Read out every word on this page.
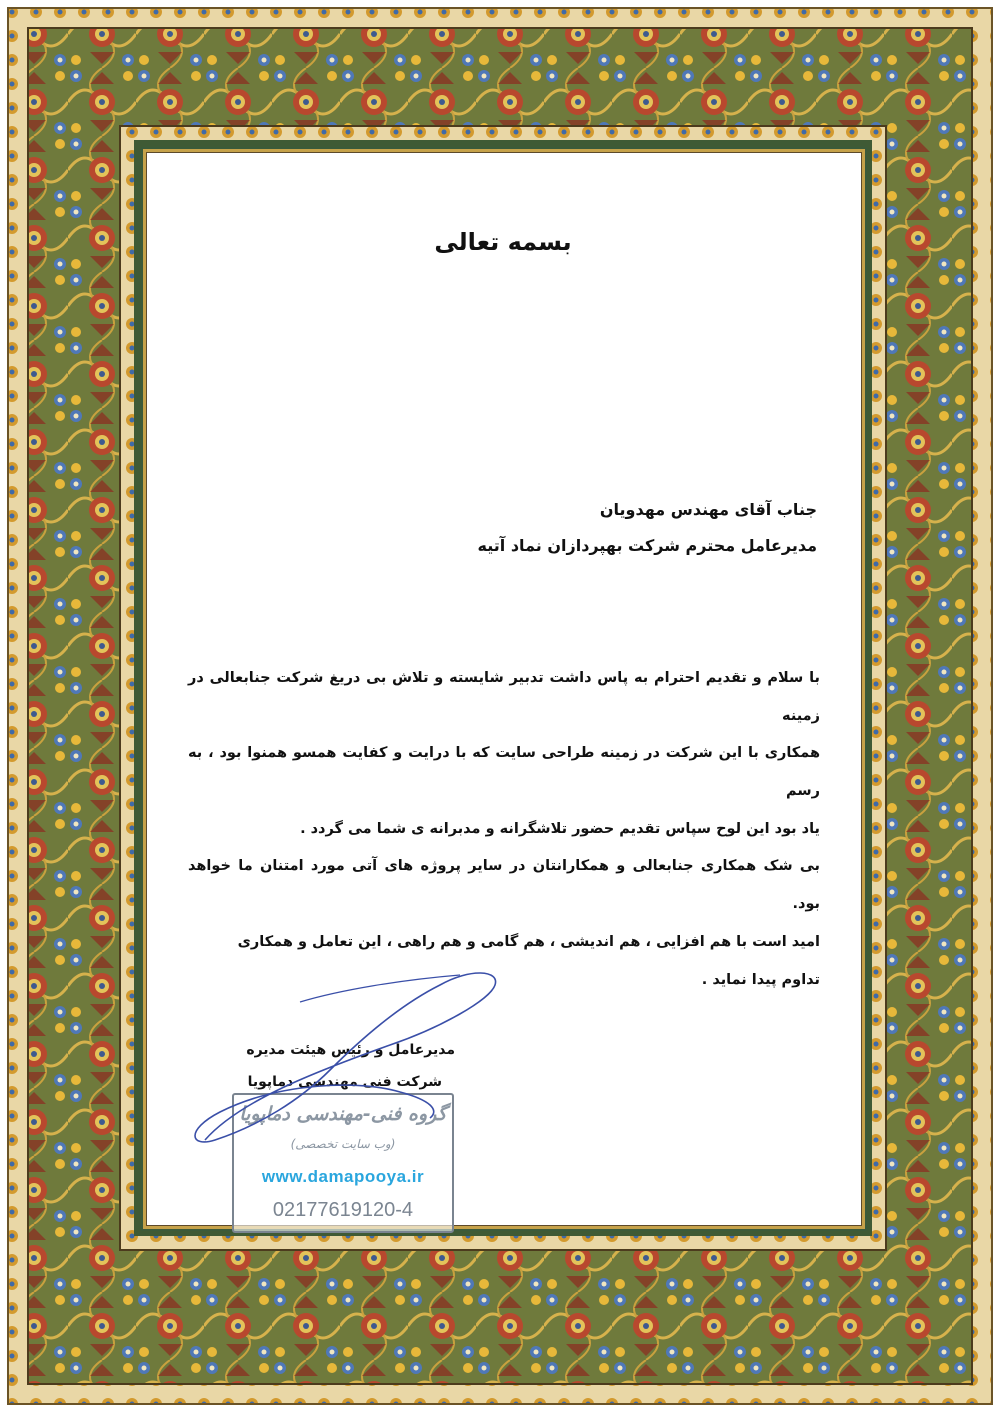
بسمه تعالی
جناب آقای مهندس مهدویان
مدیرعامل محترم شرکت بهپردازان نماد آتیه

با سلام و تقدیم احترام به پاس داشت تدبیر شایسته و تلاش بی دریغ شرکت جنابعالی در زمینه

همکاری با این شرکت در زمینه طراحی سایت که با درایت و کفایت همسو همنوا بود ، به رسم

یاد بود این لوح سپاس تقدیم حضور تلاشگرانه و مدبرانه ی شما می گردد .

بی شک همکاری جنابعالی و همکارانتان در سایر پروژه های آتی مورد امتنان ما خواهد بود.

امید است با هم افزایی ، هم اندیشی ، هم گامی و هم راهی ، این تعامل و همکاری

تداوم پیدا نماید .

مدیرعامل و رئیس هیئت مدیره
شرکت فنی مهندسی دماپویا
گروه فنی-مهندسی دماپویا
(وب سایت تخصصی)
www.damapooya.ir
02177619120-4
